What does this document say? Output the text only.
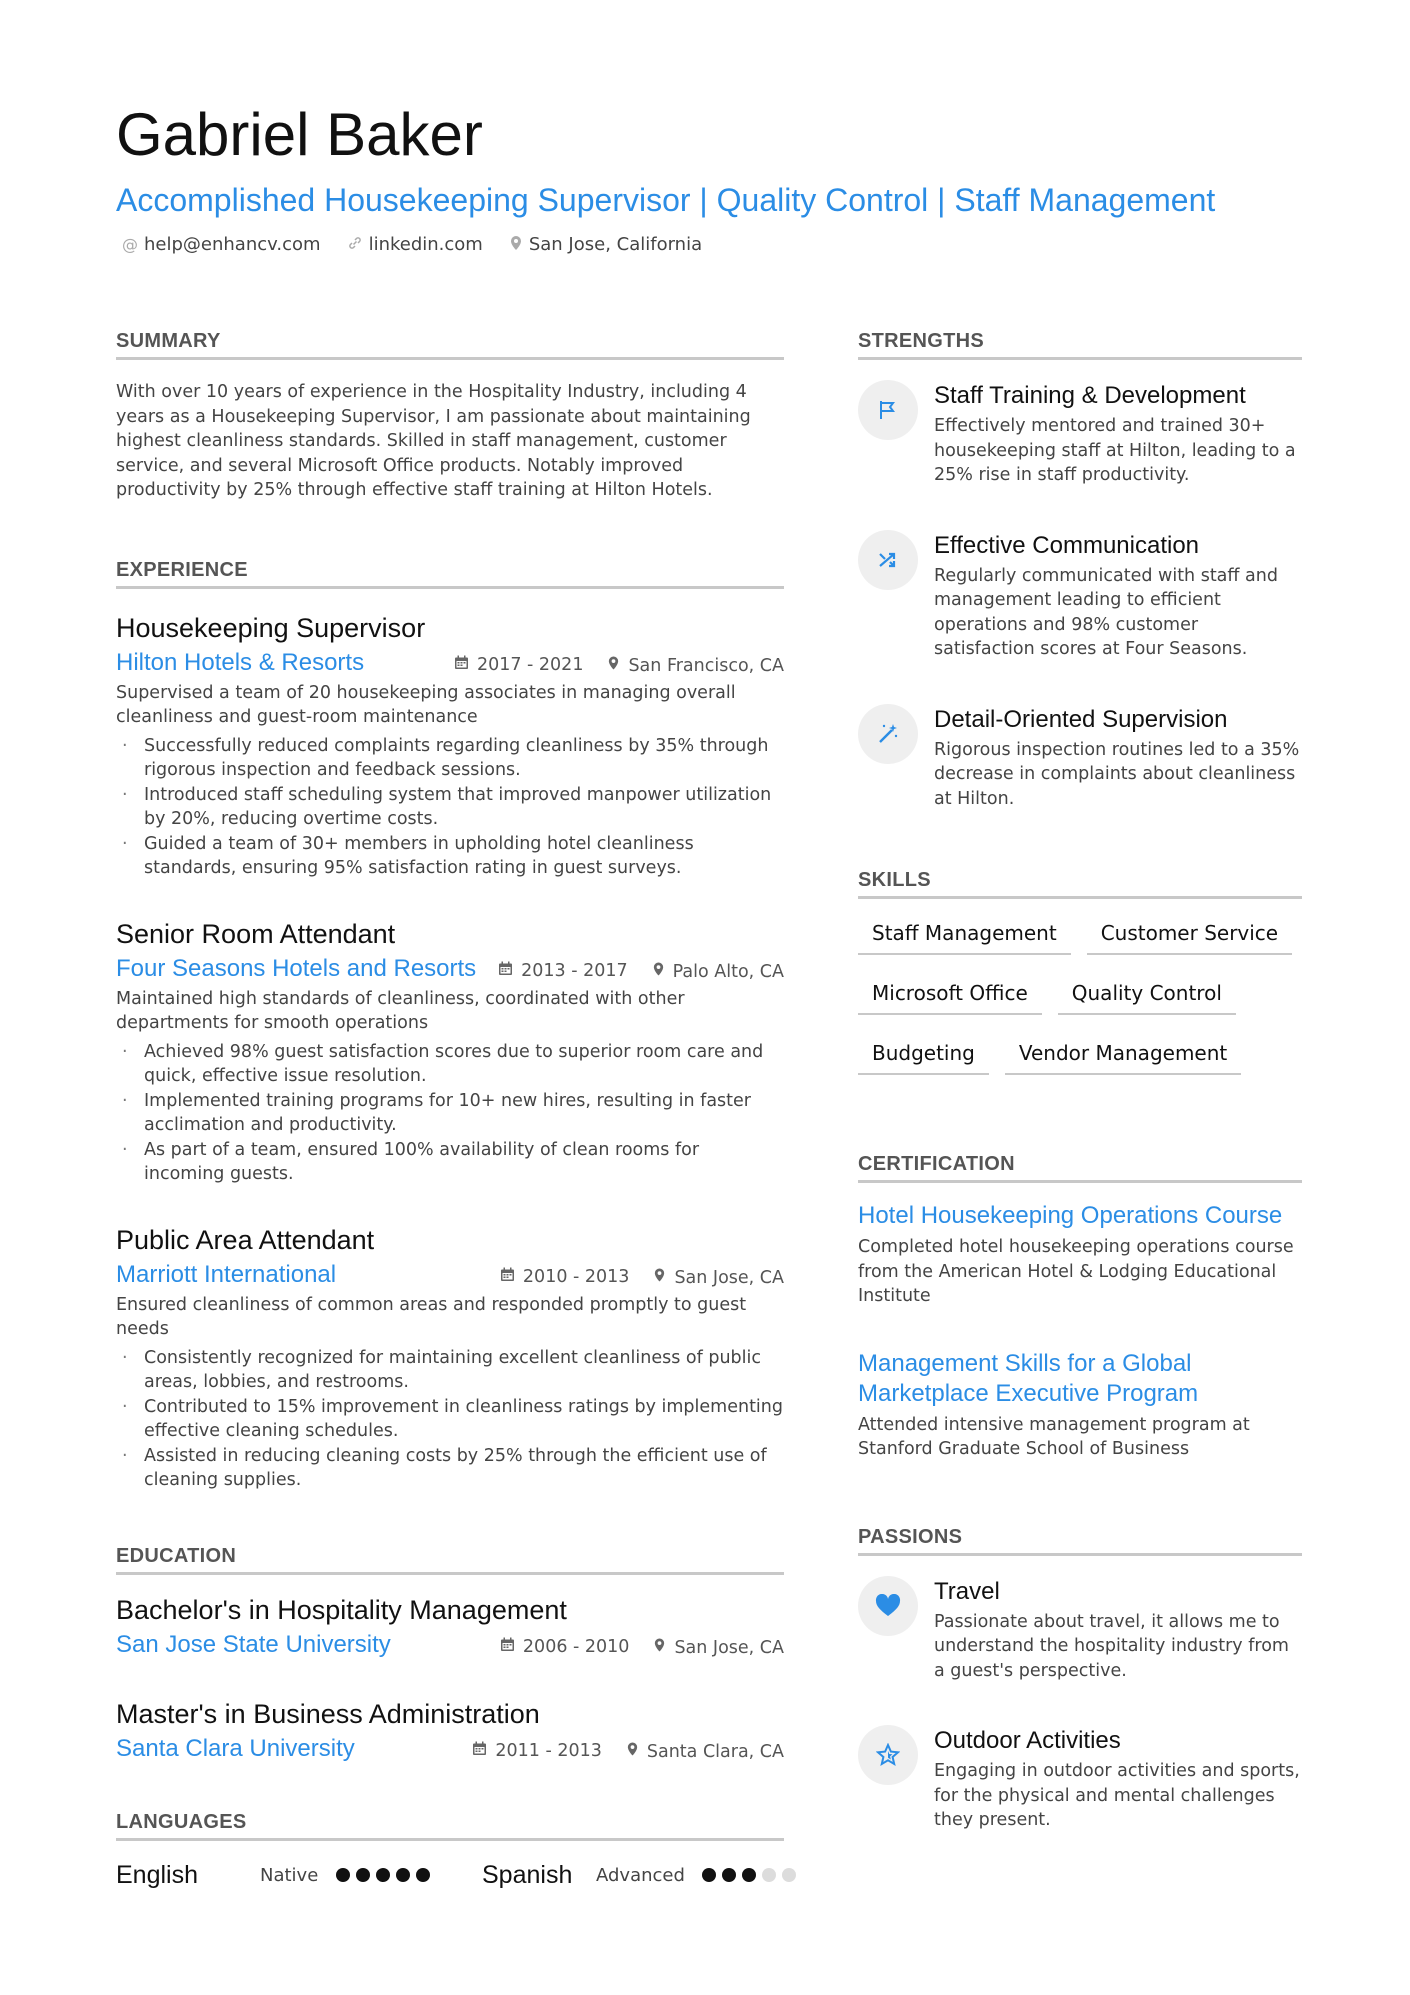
Gabriel Baker
Accomplished Housekeeping Supervisor | Quality Control | Staff Management
@ help@enhancv.com	linkedin.com	San Jose, California
SUMMARY
With over 10 years of experience in the Hospitality Industry, including 4 years as a Housekeeping Supervisor, I am passionate about maintaining highest cleanliness standards. Skilled in staff management, customer service, and several Microsoft Office products. Notably improved productivity by 25% through effective staff training at Hilton Hotels.
EXPERIENCE
Housekeeping Supervisor
Hilton Hotels & Resorts	2017 - 2021	San Francisco, CA
Supervised a team of 20 housekeeping associates in managing overall cleanliness and guest-room maintenance
· Successfully reduced complaints regarding cleanliness by 35% through rigorous inspection and feedback sessions.
· Introduced staff scheduling system that improved manpower utilization by 20%, reducing overtime costs.
· Guided a team of 30+ members in upholding hotel cleanliness standards, ensuring 95% satisfaction rating in guest surveys.
Senior Room Attendant
Four Seasons Hotels and Resorts	2013 - 2017	Palo Alto, CA
Maintained high standards of cleanliness, coordinated with other departments for smooth operations
· Achieved 98% guest satisfaction scores due to superior room care and quick, effective issue resolution.
· Implemented training programs for 10+ new hires, resulting in faster acclimation and productivity.
· As part of a team, ensured 100% availability of clean rooms for incoming guests.
Public Area Attendant
Marriott International	2010 - 2013	San Jose, CA
Ensured cleanliness of common areas and responded promptly to guest needs
· Consistently recognized for maintaining excellent cleanliness of public areas, lobbies, and restrooms.
· Contributed to 15% improvement in cleanliness ratings by implementing effective cleaning schedules.
· Assisted in reducing cleaning costs by 25% through the efficient use of cleaning supplies.
EDUCATION
Bachelor's in Hospitality Management
San Jose State University	2006 - 2010	San Jose, CA
Master's in Business Administration
Santa Clara University	2011 - 2013	Santa Clara, CA
LANGUAGES
English	Native	Spanish	Advanced
STRENGTHS
Staff Training & Development
Effectively mentored and trained 30+ housekeeping staff at Hilton, leading to a 25% rise in staff productivity.
Effective Communication
Regularly communicated with staff and management leading to efficient operations and 98% customer satisfaction scores at Four Seasons.
Detail-Oriented Supervision
Rigorous inspection routines led to a 35% decrease in complaints about cleanliness at Hilton.
SKILLS
Staff Management	Customer Service
Microsoft Office	Quality Control
Budgeting	Vendor Management
CERTIFICATION
Hotel Housekeeping Operations Course
Completed hotel housekeeping operations course from the American Hotel & Lodging Educational Institute
Management Skills for a Global Marketplace Executive Program
Attended intensive management program at Stanford Graduate School of Business
PASSIONS
Travel
Passionate about travel, it allows me to understand the hospitality industry from a guest's perspective.
Outdoor Activities
Engaging in outdoor activities and sports, for the physical and mental challenges they present.
